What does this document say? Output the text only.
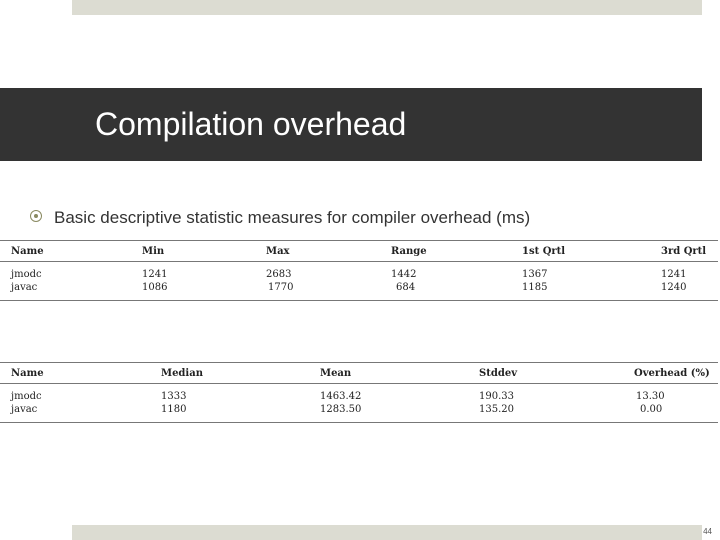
Compilation overhead
Basic descriptive statistic measures for compiler overhead (ms)
Name	Min	Max	Range	1st Qrtl	3rd Qrtl
jmodc	1241	2683	1442	1367	1241
javac	1086	1770	684	1185	1240
Name	Median	Mean	Stddev	Overhead (%)
jmodc	1333	1463.42	190.33	13.30
javac	1180	1283.50	135.20	0.00
44
